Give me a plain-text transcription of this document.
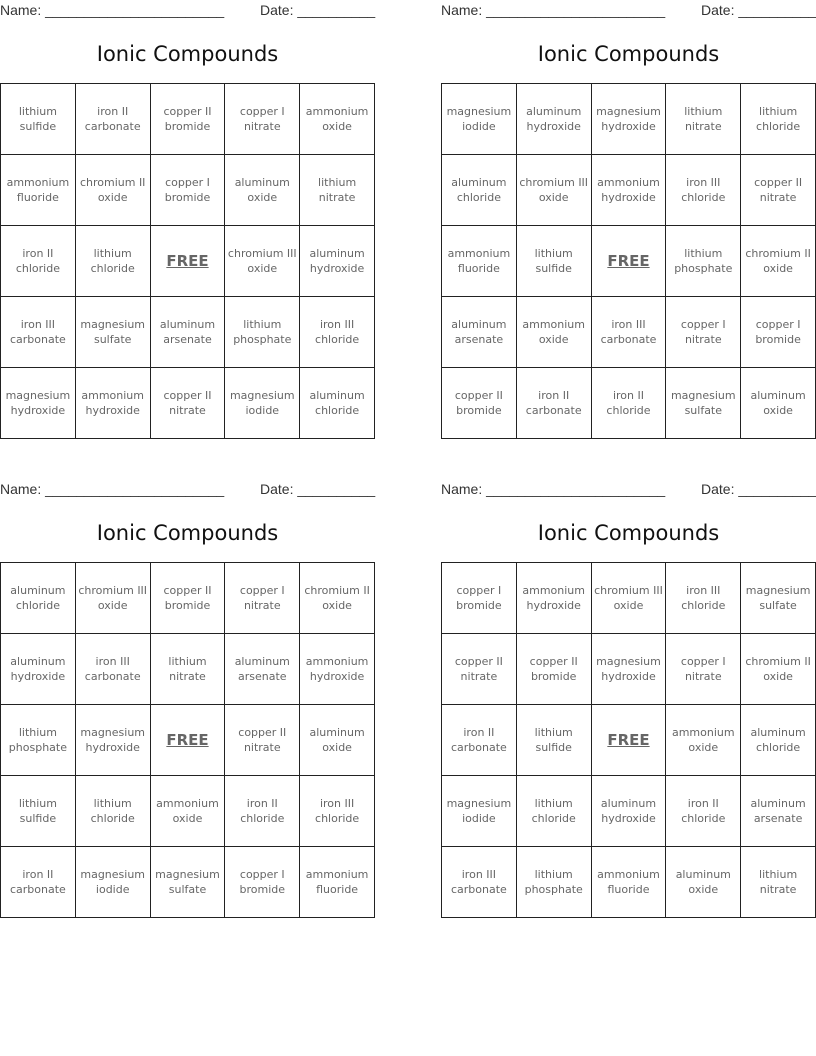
Name: _______________________	Date: __________
Ionic Compounds
lithium sulfide	iron II carbonate	copper II bromide	copper I nitrate	ammonium oxide
ammonium fluoride	chromium II oxide	copper I bromide	aluminum oxide	lithium nitrate
iron II chloride	lithium chloride	FREE	chromium III oxide	aluminum hydroxide
iron III carbonate	magnesium sulfate	aluminum arsenate	lithium phosphate	iron III chloride
magnesium hydroxide	ammonium hydroxide	copper II nitrate	magnesium iodide	aluminum chloride
Name: _______________________	Date: __________
Ionic Compounds
magnesium iodide	aluminum hydroxide	magnesium hydroxide	lithium nitrate	lithium chloride
aluminum chloride	chromium III oxide	ammonium hydroxide	iron III chloride	copper II nitrate
ammonium fluoride	lithium sulfide	FREE	lithium phosphate	chromium II oxide
aluminum arsenate	ammonium oxide	iron III carbonate	copper I nitrate	copper I bromide
copper II bromide	iron II carbonate	iron II chloride	magnesium sulfate	aluminum oxide
Name: _______________________	Date: __________
Ionic Compounds
aluminum chloride	chromium III oxide	copper II bromide	copper I nitrate	chromium II oxide
aluminum hydroxide	iron III carbonate	lithium nitrate	aluminum arsenate	ammonium hydroxide
lithium phosphate	magnesium hydroxide	FREE	copper II nitrate	aluminum oxide
lithium sulfide	lithium chloride	ammonium oxide	iron II chloride	iron III chloride
iron II carbonate	magnesium iodide	magnesium sulfate	copper I bromide	ammonium fluoride
Name: _______________________	Date: __________
Ionic Compounds
copper I bromide	ammonium hydroxide	chromium III oxide	iron III chloride	magnesium sulfate
copper II nitrate	copper II bromide	magnesium hydroxide	copper I nitrate	chromium II oxide
iron II carbonate	lithium sulfide	FREE	ammonium oxide	aluminum chloride
magnesium iodide	lithium chloride	aluminum hydroxide	iron II chloride	aluminum arsenate
iron III carbonate	lithium phosphate	ammonium fluoride	aluminum oxide	lithium nitrate
